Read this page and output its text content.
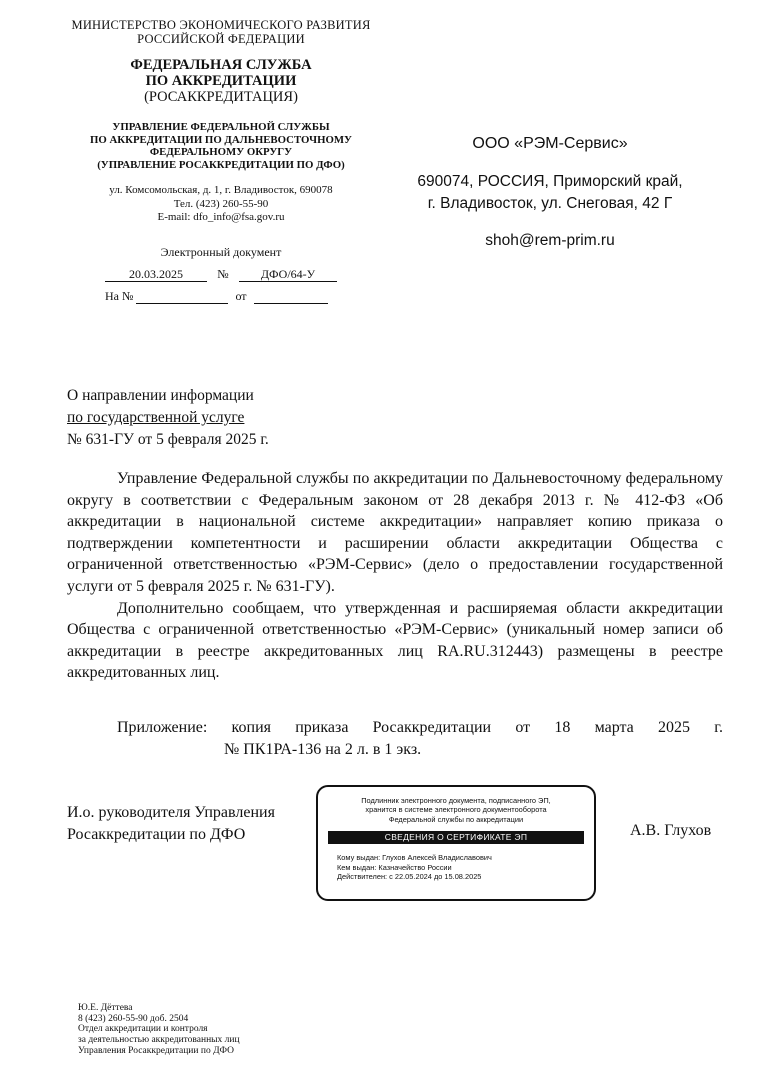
МИНИСТЕРСТВО ЭКОНОМИЧЕСКОГО РАЗВИТИЯ
РОССИЙСКОЙ ФЕДЕРАЦИИ
ФЕДЕРАЛЬНАЯ СЛУЖБА
ПО АККРЕДИТАЦИИ
(РОСАККРЕДИТАЦИЯ)
УПРАВЛЕНИЕ ФЕДЕРАЛЬНОЙ СЛУЖБЫ
ПО АККРЕДИТАЦИИ ПО ДАЛЬНЕВОСТОЧНОМУ
ФЕДЕРАЛЬНОМУ ОКРУГУ
(УПРАВЛЕНИЕ РОСАККРЕДИТАЦИИ ПО ДФО)
ул. Комсомольская, д. 1, г. Владивосток, 690078
Тел. (423) 260-55-90
E-mail: dfo_info@fsa.gov.ru
Электронный документ
20.03.2025	№	ДФО/64-У
На №	от
ООО «РЭМ-Сервис»
690074, РОССИЯ, Приморский край,
г. Владивосток, ул. Снеговая, 42 Г
shoh@rem-prim.ru
О направлении информации
по государственной услуге
№ 631-ГУ от 5 февраля 2025 г.

Управление Федеральной службы по аккредитации по Дальневосточному федеральному округу в соответствии с Федеральным законом от 28 декабря 2013 г. № 412-ФЗ «Об аккредитации в национальной системе аккредитации» направляет копию приказа о подтверждении компетентности и расширении области аккредитации Общества с ограниченной ответственностью «РЭМ-Сервис» (дело о предоставлении государственной услуги от 5 февраля 2025 г. № 631-ГУ).

Дополнительно сообщаем, что утвержденная и расширяемая области аккредитации Общества с ограниченной ответственностью «РЭМ-Сервис» (уникальный номер записи об аккредитации в реестре аккредитованных лиц RA.RU.312443) размещены в реестре аккредитованных лиц.

Приложение: копия приказа Росаккредитации от 18 марта 2025 г.
№ ПК1РА-136 на 2 л. в 1 экз.
И.о. руководителя Управления
Росаккредитации по ДФО
Подлинник электронного документа, подписанного ЭП,
хранится в системе электронного документооборота
Федеральной службы по аккредитации
СВЕДЕНИЯ О СЕРТИФИКАТЕ ЭП
Кому выдан: Глухов Алексей Владиславович
Кем выдан: Казначейство России
Действителен: с 22.05.2024 до 15.08.2025
А.В. Глухов
Ю.Е. Дёттева
8 (423) 260-55-90 доб. 2504
Отдел аккредитации и контроля
за деятельностью аккредитованных лиц
Управления Росаккредитации по ДФО
